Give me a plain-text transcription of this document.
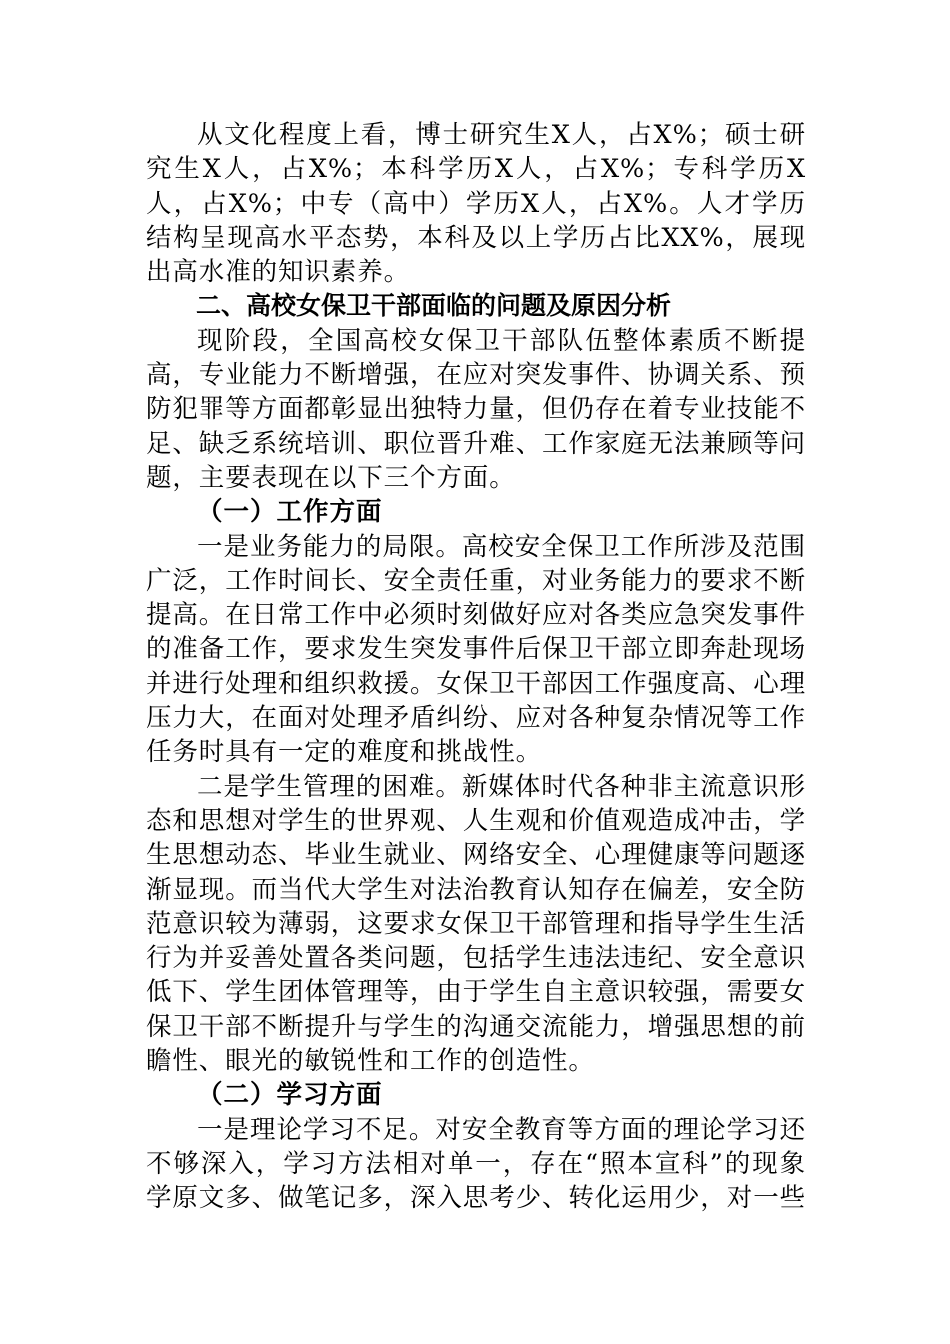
从文化程度上看，博士研究生X人，占X%；硕士研究生X人，占X%；本科学历X人，占X%；专科学历X人，占X%；中专（高中）学历X人，占X%。人才学历结构呈现高水平态势，本科及以上学历占比XX%，展现出高水准的知识素养。

二、高校女保卫干部面临的问题及原因分析

现阶段，全国高校女保卫干部队伍整体素质不断提高，专业能力不断增强，在应对突发事件、协调关系、预防犯罪等方面都彰显出独特力量，但仍存在着专业技能不足、缺乏系统培训、职位晋升难、工作家庭无法兼顾等问题，主要表现在以下三个方面。

（一）工作方面

一是业务能力的局限。高校安全保卫工作所涉及范围广泛，工作时间长、安全责任重，对业务能力的要求不断提高。在日常工作中必须时刻做好应对各类应急突发事件的准备工作，要求发生突发事件后保卫干部立即奔赴现场并进行处理和组织救援。女保卫干部因工作强度高、心理压力大，在面对处理矛盾纠纷、应对各种复杂情况等工作任务时具有一定的难度和挑战性。

二是学生管理的困难。新媒体时代各种非主流意识形态和思想对学生的世界观、人生观和价值观造成冲击，学生思想动态、毕业生就业、网络安全、心理健康等问题逐渐显现。而当代大学生对法治教育认知存在偏差，安全防范意识较为薄弱，这要求女保卫干部管理和指导学生生活行为并妥善处置各类问题，包括学生违法违纪、安全意识低下、学生团体管理等，由于学生自主意识较强，需要女保卫干部不断提升与学生的沟通交流能力，增强思想的前瞻性、眼光的敏锐性和工作的创造性。

（二）学习方面

一是理论学习不足。对安全教育等方面的理论学习还不够深入，学习方法相对单一，存在“照本宣科”的现象学原文多、做笔记多，深入思考少、转化运用少，对一些
